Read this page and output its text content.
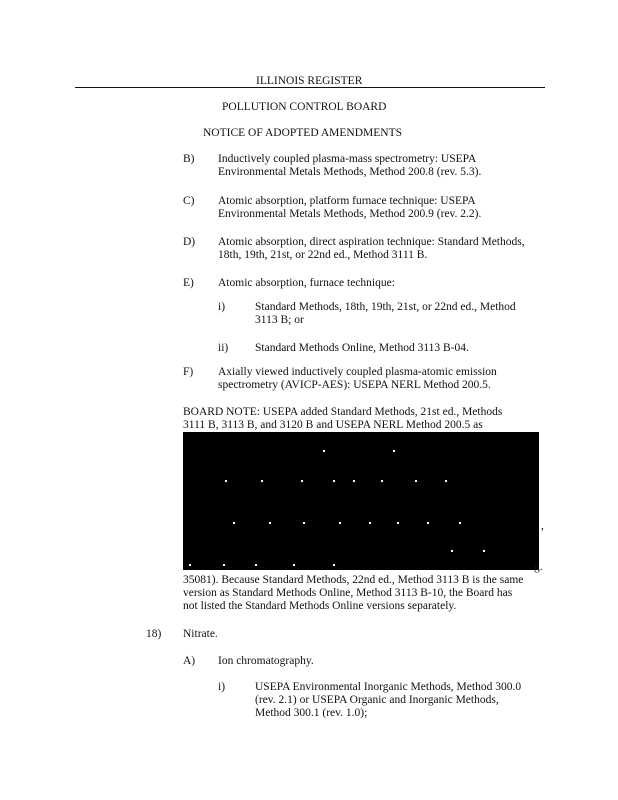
ILLINOIS REGISTER
POLLUTION CONTROL BOARD
NOTICE OF ADOPTED AMENDMENTS
B) Inductively coupled plasma-mass spectrometry: USEPA
Environmental Metals Methods, Method 200.8 (rev. 5.3).
C) Atomic absorption, platform furnace technique: USEPA
Environmental Metals Methods, Method 200.9 (rev. 2.2).
D) Atomic absorption, direct aspiration technique: Standard Methods,
18th, 19th, 21st, or 22nd ed., Method 3111 B.
E) Atomic absorption, furnace technique:
i)	Standard Methods, 18th, 19th, 21st, or 22nd ed., Method
3113 B; or
ii) Standard Methods Online, Method 3113 B-04.
F) Axially viewed inductively coupled plasma-atomic emission
spectrometry (AVICP-AES): USEPA NERL Method 200.5.
BOARD NOTE: USEPA added Standard Methods, 21st ed., Methods
3111 B, 3113 B, and 3120 B and USEPA NERL Method 200.5 as
,
g.
35081). Because Standard Methods, 22nd ed., Method 3113 B is the same
version as Standard Methods Online, Method 3113 B-10, the Board has
not listed the Standard Methods Online versions separately.
18) Nitrate.
A) Ion chromatography.
i)	USEPA Environmental Inorganic Methods, Method 300.0
(rev. 2.1) or USEPA Organic and Inorganic Methods,
Method 300.1 (rev. 1.0);
